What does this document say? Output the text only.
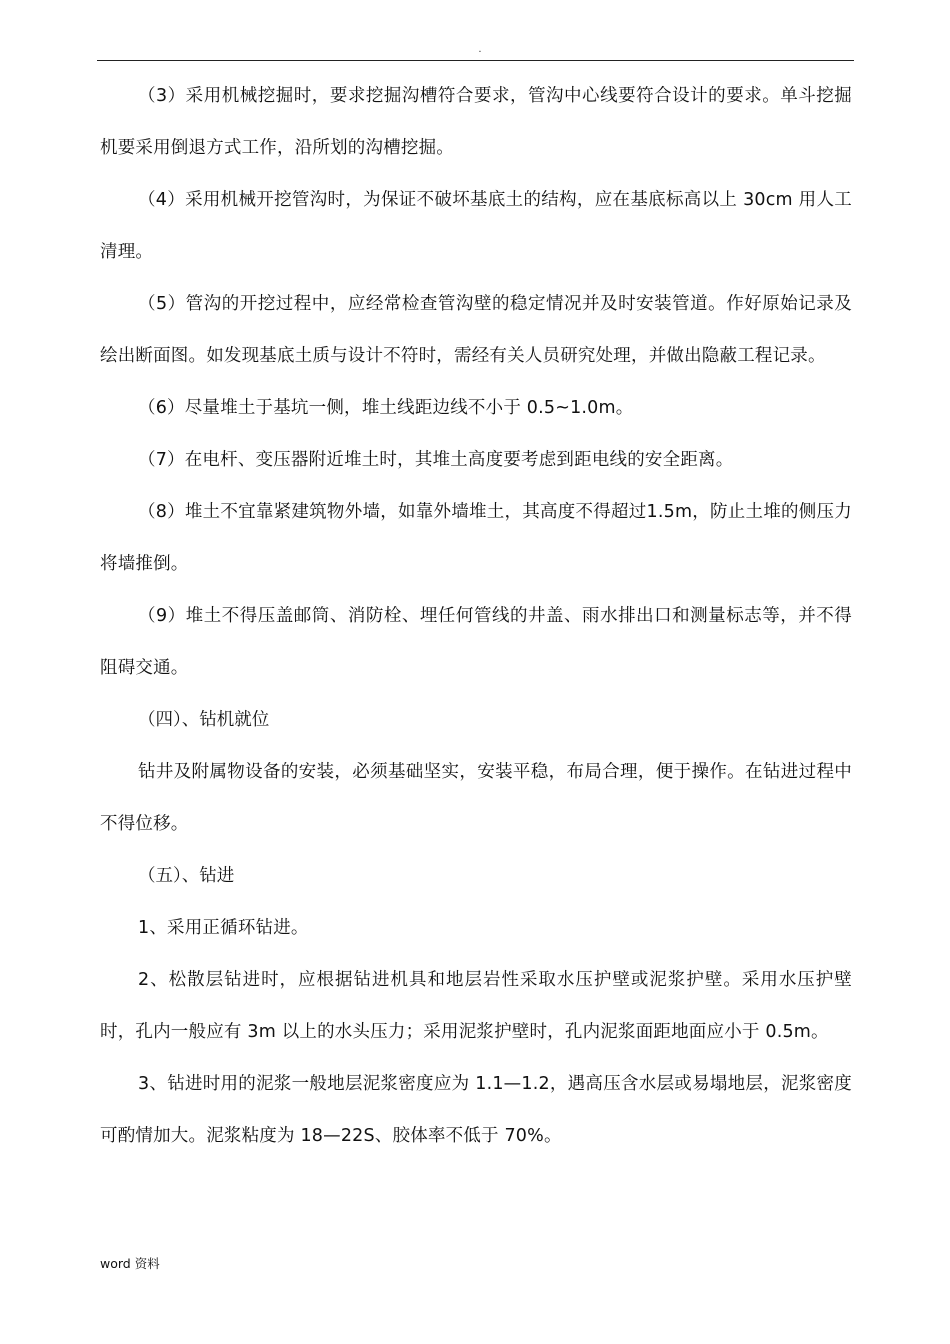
.

（3）采用机械挖掘时，要求挖掘沟槽符合要求，管沟中心线要符合设计的要求。单斗挖掘机要采用倒退方式工作，沿所划的沟槽挖掘。

（4）采用机械开挖管沟时，为保证不破坏基底土的结构，应在基底标高以上 30cm 用人工清理。

（5）管沟的开挖过程中，应经常检查管沟壁的稳定情况并及时安装管道。作好原始记录及绘出断面图。如发现基底土质与设计不符时，需经有关人员研究处理，并做出隐蔽工程记录。

（6）尽量堆土于基坑一侧，堆土线距边线不小于 0.5~1.0m。

（7）在电杆、变压器附近堆土时，其堆土高度要考虑到距电线的安全距离。

（8）堆土不宜靠紧建筑物外墙，如靠外墙堆土，其高度不得超过1.5m，防止土堆的侧压力将墙推倒。

（9）堆土不得压盖邮筒、消防栓、埋任何管线的井盖、雨水排出口和测量标志等，并不得阻碍交通。

（四）、钻机就位

钻井及附属物设备的安装，必须基础坚实，安装平稳，布局合理，便于操作。在钻进过程中不得位移。

（五）、钻进

1、采用正循环钻进。

2、松散层钻进时，应根据钻进机具和地层岩性采取水压护壁或泥浆护壁。采用水压护壁时，孔内一般应有 3m 以上的水头压力；采用泥浆护壁时，孔内泥浆面距地面应小于 0.5m。

3、钻进时用的泥浆一般地层泥浆密度应为 1.1—1.2，遇高压含水层或易塌地层，泥浆密度可酌情加大。泥浆粘度为 18—22S、胶体率不低于 70%。

word 资料
